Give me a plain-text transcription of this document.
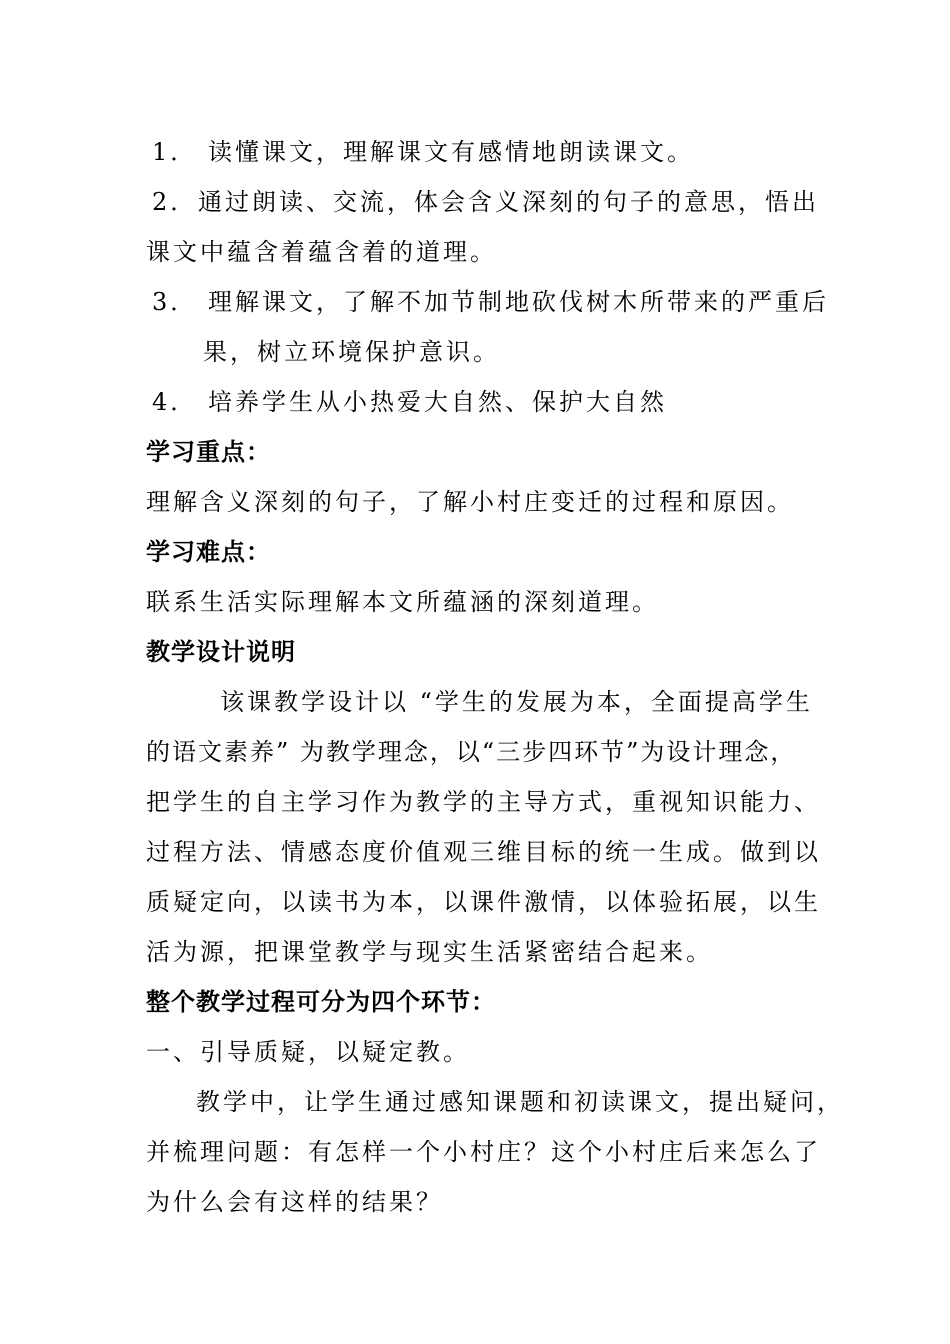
1． 读懂课文，理解课文有感情地朗读课文。
2．通过朗读、交流，体会含义深刻的句子的意思，悟出
课文中蕴含着蕴含着的道理。
3． 理解课文，了解不加节制地砍伐树木所带来的严重后
果，树立环境保护意识。
4． 培养学生从小热爱大自然、保护大自然
学习重点：
理解含义深刻的句子，了解小村庄变迁的过程和原因。
学习难点：
联系生活实际理解本文所蕴涵的深刻道理。
教学设计说明
该课教学设计以 “学生的发展为本，全面提高学生
的语文素养” 为教学理念，以“三步四环节”为设计理念，
把学生的自主学习作为教学的主导方式，重视知识能力、
过程方法、情感态度价值观三维目标的统一生成。做到以
质疑定向，以读书为本，以课件激情，以体验拓展，以生
活为源，把课堂教学与现实生活紧密结合起来。
整个教学过程可分为四个环节：
一、引导质疑，以疑定教。
教学中，让学生通过感知课题和初读课文，提出疑问，
并梳理问题：有怎样一个小村庄？这个小村庄后来怎么了
为什么会有这样的结果？
